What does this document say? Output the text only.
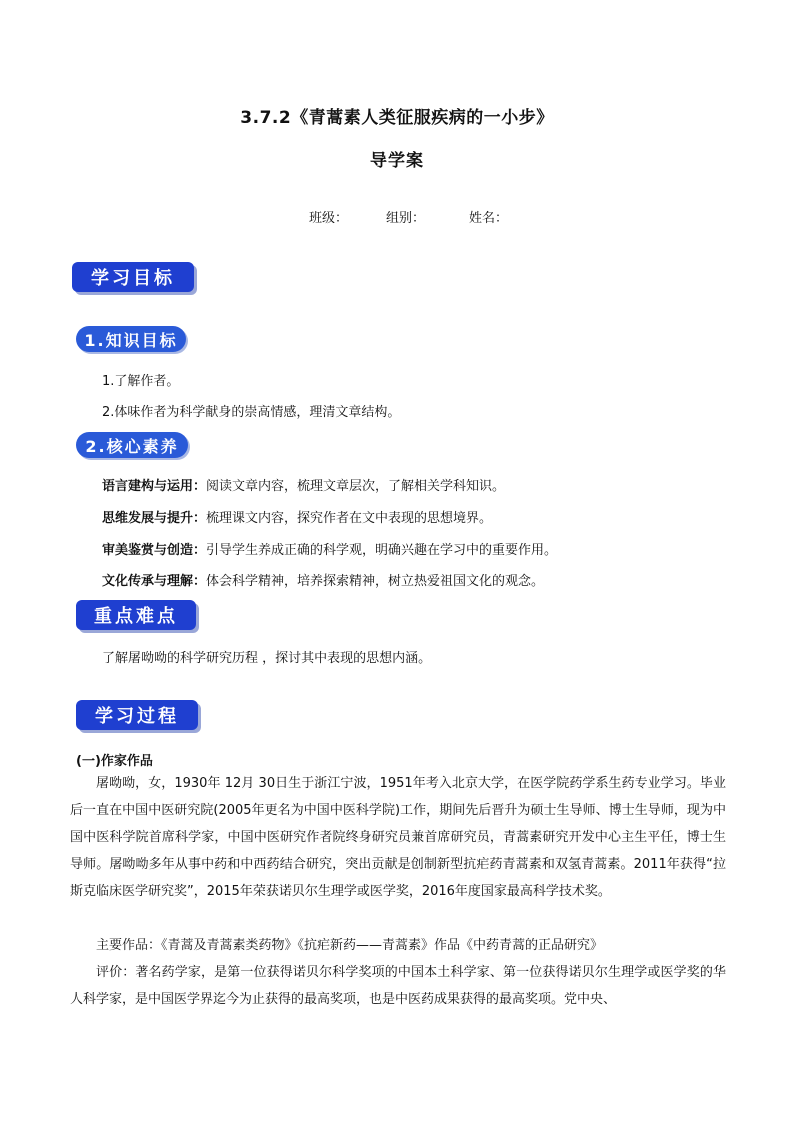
3.7.2《青蒿素人类征服疾病的一小步》
导学案
班级：	组别：	姓名：
学习目标
1.知识目标
1.了解作者。
2.体味作者为科学献身的崇高情感，理清文章结构。
2.核心素养
语言建构与运用：阅读文章内容，梳理文章层次，了解相关学科知识。
思维发展与提升：梳理课文内容，探究作者在文中表现的思想境界。
审美鉴赏与创造：引导学生养成正确的科学观，明确兴趣在学习中的重要作用。
文化传承与理解：体会科学精神，培养探索精神，树立热爱祖国文化的观念。
重点难点
了解屠呦呦的科学研究历程 ，探讨其中表现的思想内涵。
学习过程
(一)作家作品
屠呦呦，女，1930年 12月 30日生于浙江宁波，1951年考入北京大学，在医学院药学系生药专业学习。毕业后一直在中国中医研究院(2005年更名为中国中医科学院)工作，期间先后晋升为硕士生导师、博士生导师，现为中国中医科学院首席科学家，中国中医研究作者院终身研究员兼首席研究员，青蒿素研究开发中心主生平任，博士生导师。屠呦呦多年从事中药和中西药结合研究，突出贡献是创制新型抗疟药青蒿素和双氢青蒿素。2011年获得“拉斯克临床医学研究奖”，2015年荣获诺贝尔生理学或医学奖，2016年度国家最高科学技术奖。
主要作品：《青蒿及青蒿素类药物》《抗疟新药——青蒿素》作品《中药青蒿的正品研究》
评价：著名药学家，是第一位获得诺贝尔科学奖项的中国本土科学家、第一位获得诺贝尔生理学或医学奖的华人科学家，是中国医学界迄今为止获得的最高奖项，也是中医药成果获得的最高奖项。党中央、
